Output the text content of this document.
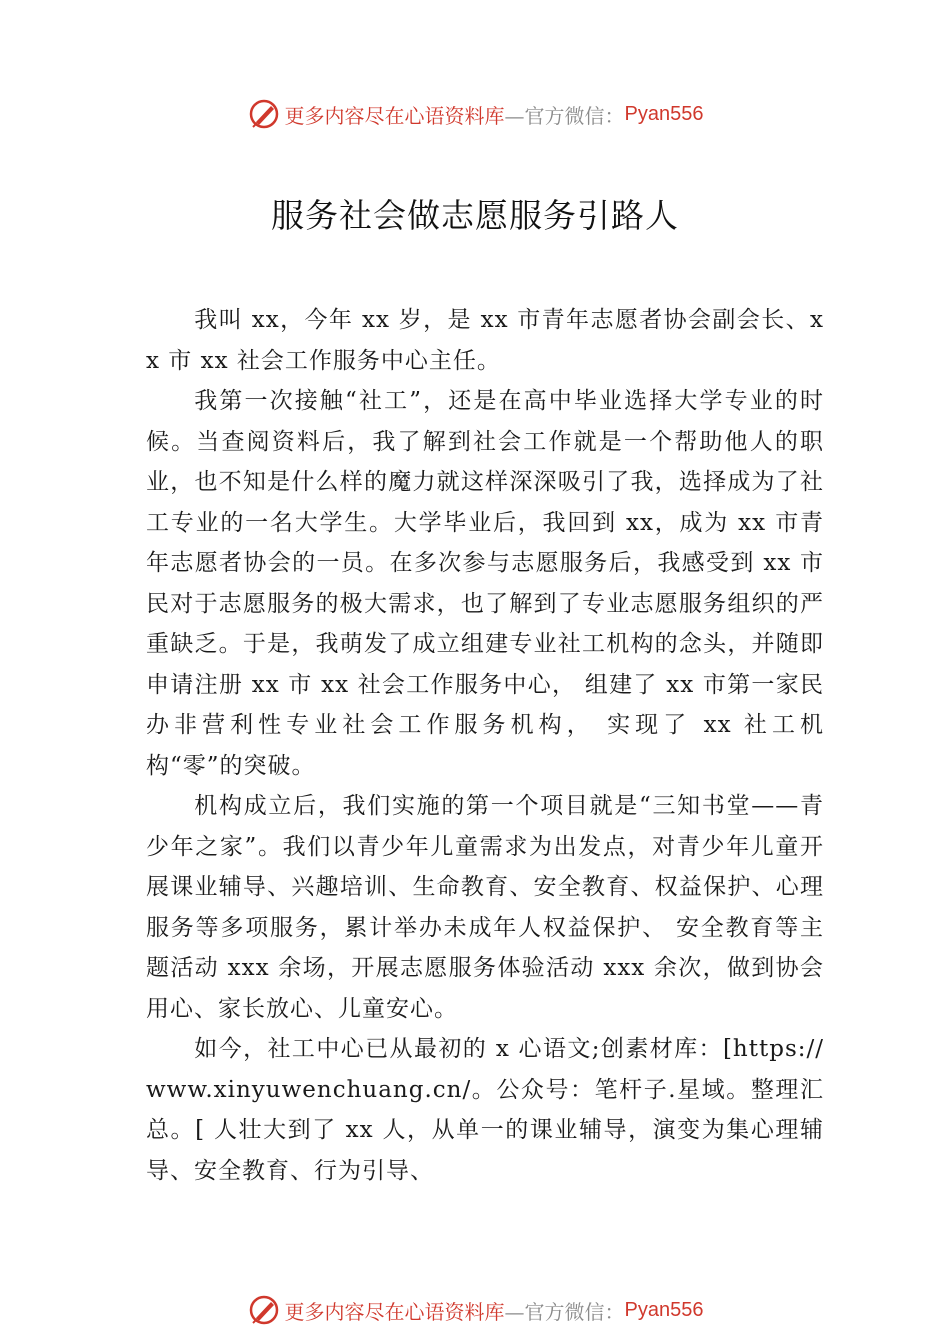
更多内容尽在心语资料库 —官方微信： Pyan556
服务社会做志愿服务引路人

我叫 xx，今年 xx 岁，是 xx 市青年志愿者协会副会长、xx 市 xx 社会工作服务中心主任。

我第一次接触“社工”，还是在高中毕业选择大学专业的时候。当查阅资料后，我了解到社会工作就是一个帮助他人的职业，也不知是什么样的魔力就这样深深吸引了我，选择成为了社工专业的一名大学生。大学毕业后，我回到 xx，成为 xx 市青年志愿者协会的一员。在多次参与志愿服务后，我感受到 xx 市民对于志愿服务的极大需求，也了解到了专业志愿服务组织的严重缺乏。于是，我萌发了成立组建专业社工机构的念头，并随即申请注册 xx 市 xx 社会工作服务中心， 组建了 xx 市第一家民办非营利性专业社会工作服务机构， 实现了 xx 社工机构“零”的突破。

机构成立后，我们实施的第一个项目就是“三知书堂——青少年之家”。我们以青少年儿童需求为出发点，对青少年儿童开展课业辅导、兴趣培训、生命教育、安全教育、权益保护、心理服务等多项服务，累计举办未成年人权益保护、 安全教育等主题活动 xxx 余场，开展志愿服务体验活动 xxx 余次，做到协会用心、家长放心、儿童安心。

如今，社工中心已从最初的 x 心语文;创素材库：[https://www.xinyuwenchuang.cn/。公众号：笔杆子.星域。整理汇总。[ 人壮大到了 xx 人，从单一的课业辅导，演变为集心理辅导、安全教育、行为引导、

更多内容尽在心语资料库 —官方微信： Pyan556
